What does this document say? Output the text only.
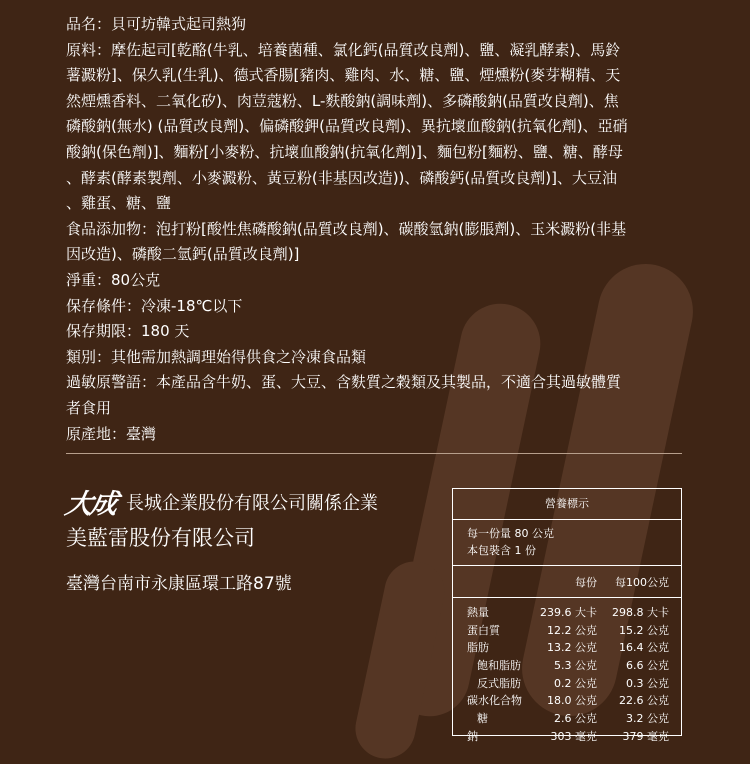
品名：貝可坊韓式起司熱狗

原料：摩佐起司[乾酪(牛乳、培養菌種、氯化鈣(品質改良劑)、鹽、凝乳酵素)、馬鈴

薯澱粉]、保久乳(生乳)、德式香腸[豬肉、雞肉、水、糖、鹽、煙燻粉(麥芽糊精、天

然煙燻香料、二氧化矽)、肉荳蔻粉、L-麩酸鈉(調味劑)、多磷酸鈉(品質改良劑)、焦

磷酸鈉(無水) (品質改良劑)、偏磷酸鉀(品質改良劑)、異抗壞血酸鈉(抗氧化劑)、亞硝

酸鈉(保色劑)]、麵粉[小麥粉、抗壞血酸鈉(抗氧化劑)]、麵包粉[麵粉、鹽、糖、酵母

、酵素(酵素製劑、小麥澱粉、黃豆粉(非基因改造))、磷酸鈣(品質改良劑)]、大豆油

、雞蛋、糖、鹽

食品添加物：泡打粉[酸性焦磷酸鈉(品質改良劑)、碳酸氫鈉(膨脹劑)、玉米澱粉(非基

因改造)、磷酸二氫鈣(品質改良劑)]

淨重：80公克

保存條件：冷凍-18℃以下

保存期限：180 天

類別：其他需加熱調理始得供食之冷凍食品類

過敏原警語：本產品含牛奶、蛋、大豆、含麩質之穀類及其製品，不適合其過敏體質

者食用

原產地：臺灣

大成 長城企業股份有限公司關係企業
美藍雷股份有限公司
臺灣台南市永康區環工路87號
營養標示
每一份量 80 公克
本包裝含 1 份
每份 每100公克
熱量	239.6 大卡 298.8 大卡
蛋白質	12.2 公克 15.2 公克
脂肪	13.2 公克 16.4 公克
飽和脂肪	5.3 公克	6.6 公克
反式脂肪	0.2 公克	0.3 公克
碳水化合物 18.0 公克 22.6 公克
糖	2.6 公克	3.2 公克
鈉	303 毫克 379 毫克
